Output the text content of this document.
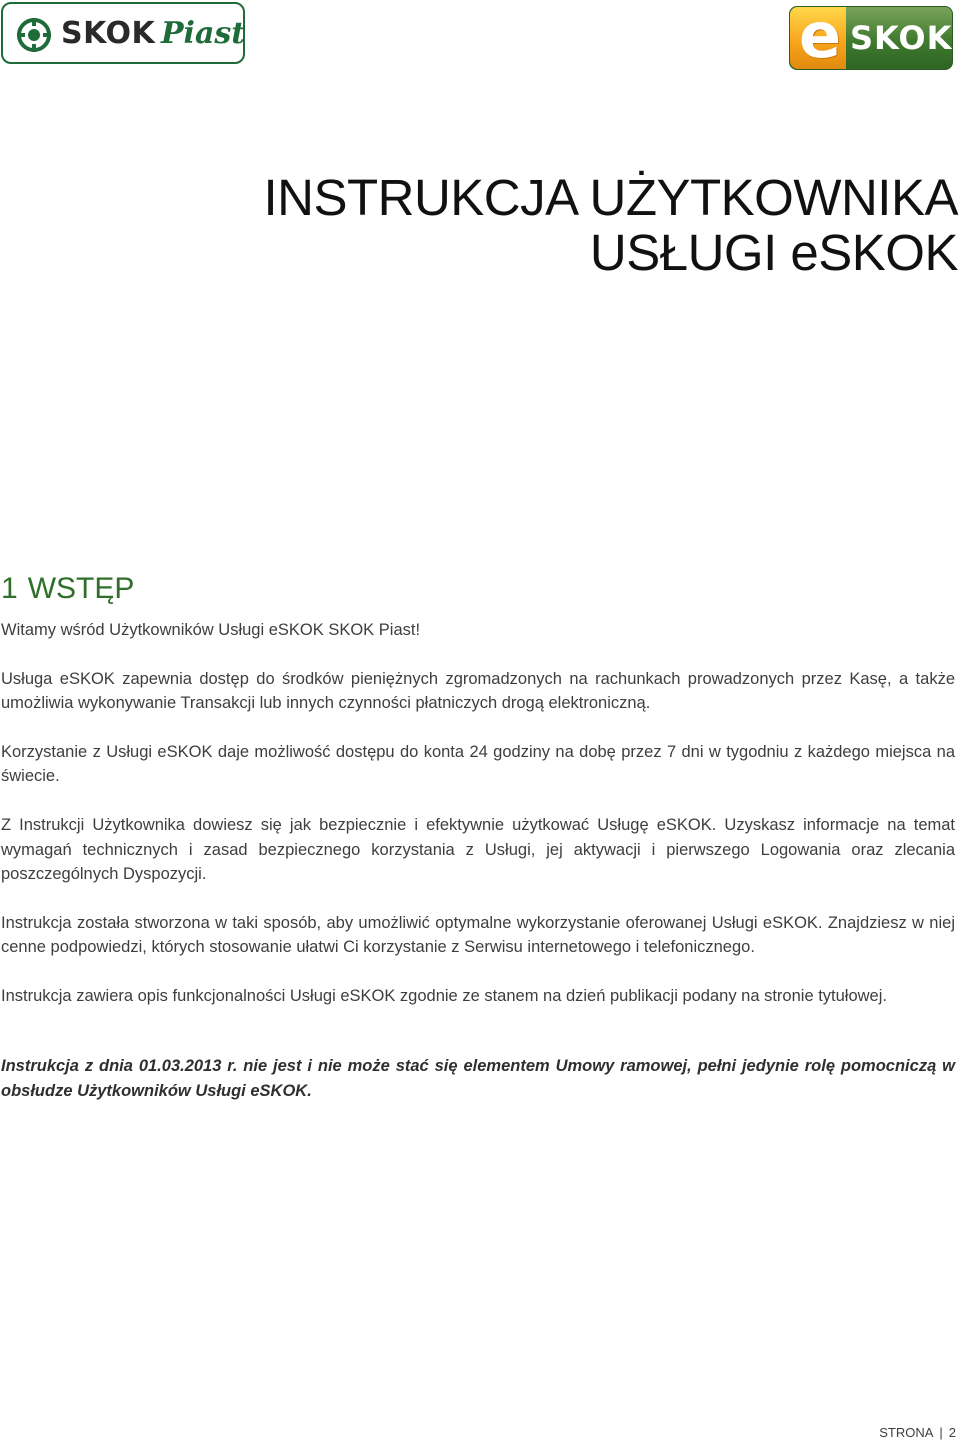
SKOK Piast	e SKOK
INSTRUKCJA UŻYTKOWNIKA
USŁUGI eSKOK
1 WSTĘP

Witamy wśród Użytkowników Usługi eSKOK SKOK Piast!

Usługa eSKOK zapewnia dostęp do środków pieniężnych zgromadzonych na rachunkach prowadzonych przez Kasę, a także umożliwia wykonywanie Transakcji lub innych czynności płatniczych drogą elektroniczną.

Korzystanie z Usługi eSKOK daje możliwość dostępu do konta 24 godziny na dobę przez 7 dni w tygodniu z każdego miejsca na świecie.

Z Instrukcji Użytkownika dowiesz się jak bezpiecznie i efektywnie użytkować Usługę eSKOK. Uzyskasz informacje na temat wymagań technicznych i zasad bezpiecznego korzystania z Usługi, jej aktywacji i pierwszego Logowania oraz zlecania poszczególnych Dyspozycji.

Instrukcja została stworzona w taki sposób, aby umożliwić optymalne wykorzystanie oferowanej Usługi eSKOK. Znajdziesz w niej cenne podpowiedzi, których stosowanie ułatwi Ci korzystanie z Serwisu internetowego i telefonicznego.

Instrukcja zawiera opis funkcjonalności Usługi eSKOK zgodnie ze stanem na dzień publikacji podany na stronie tytułowej.

Instrukcja z dnia 01.03.2013 r. nie jest i nie może stać się elementem Umowy ramowej, pełni jedynie rolę pomocniczą w obsłudze Użytkowników Usługi eSKOK.

STRONA | 2
